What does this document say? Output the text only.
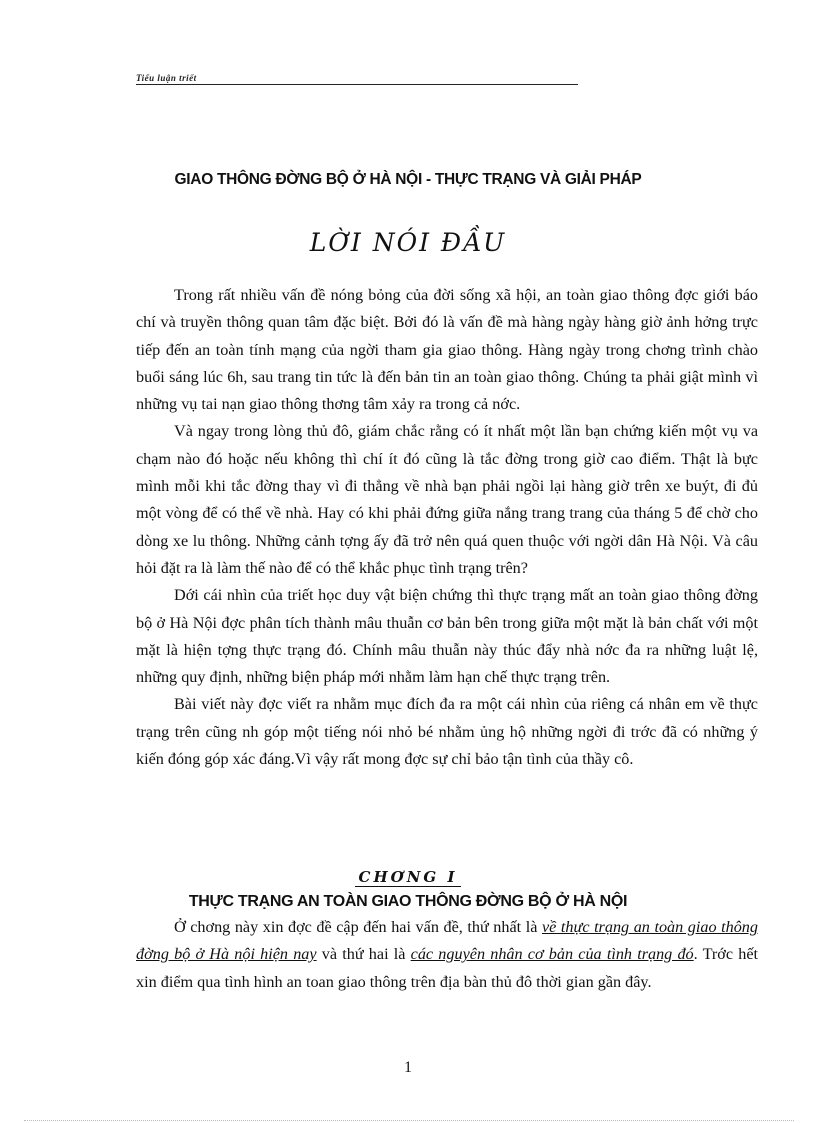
Tiểu luận triết
GIAO THÔNG ĐỜNG BỘ Ở HÀ NỘI - THỰC TRẠNG VÀ GIẢI PHÁP
LỜI NÓI ĐẦU

Trong rất nhiều vấn đề nóng bỏng của đời sống xã hội, an toàn giao thông đợc giới báo chí và truyền thông quan tâm đặc biệt. Bởi đó là vấn đề mà hàng ngày hàng giờ ảnh hởng trực tiếp đến an toàn tính mạng của ngời tham gia giao thông. Hàng ngày trong chơng trình chào buổi sáng lúc 6h, sau trang tin tức là đến bản tin an toàn giao thông. Chúng ta phải giật mình vì những vụ tai nạn giao thông thơng tâm xảy ra trong cả nớc.

Và ngay trong lòng thủ đô, giám chắc rằng có ít nhất một lần bạn chứng kiến một vụ va chạm nào đó hoặc nếu không thì chí ít đó cũng là tắc đờng trong giờ cao điểm. Thật là bực mình mỗi khi tắc đờng thay vì đi thẳng về nhà bạn phải ngồi lại hàng giờ trên xe buýt, đi đủ một vòng để có thể về nhà. Hay có khi phải đứng giữa nắng trang trang của tháng 5 để chờ cho dòng xe lu thông. Những cảnh tợng ấy đã trở nên quá quen thuộc với ngời dân Hà Nội. Và câu hỏi đặt ra là làm thế nào để có thể khắc phục tình trạng trên?

Dới cái nhìn của triết học duy vật biện chứng thì thực trạng mất an toàn giao thông đờng bộ ở Hà Nội đợc phân tích thành mâu thuẫn cơ bản bên trong giữa một mặt là bản chất với một mặt là hiện tợng thực trạng đó. Chính mâu thuẫn này thúc đẩy nhà nớc đa ra những luật lệ, những quy định, những biện pháp mới nhằm làm hạn chế thực trạng trên.

Bài viết này đợc viết ra nhằm mục đích đa ra một cái nhìn của riêng cá nhân em về thực trạng trên cũng nh góp một tiếng nói nhỏ bé nhằm ủng hộ những ngời đi trớc đã có những ý kiến đóng góp xác đáng.Vì vậy rất mong đợc sự chỉ bảo tận tình của thầy cô.

CHƠNG I
THỰC TRẠNG AN TOÀN GIAO THÔNG ĐỜNG BỘ Ở HÀ NỘI

Ở chơng này xin đợc đề cập đến hai vấn đề, thứ nhất là về thực trạng an toàn giao thông đờng bộ ở Hà nội hiện nay và thứ hai là các nguyên nhân cơ bản của tình trạng đó. Trớc hết xin điểm qua tình hình an toan giao thông trên địa bàn thủ đô thời gian gần đây.

1
